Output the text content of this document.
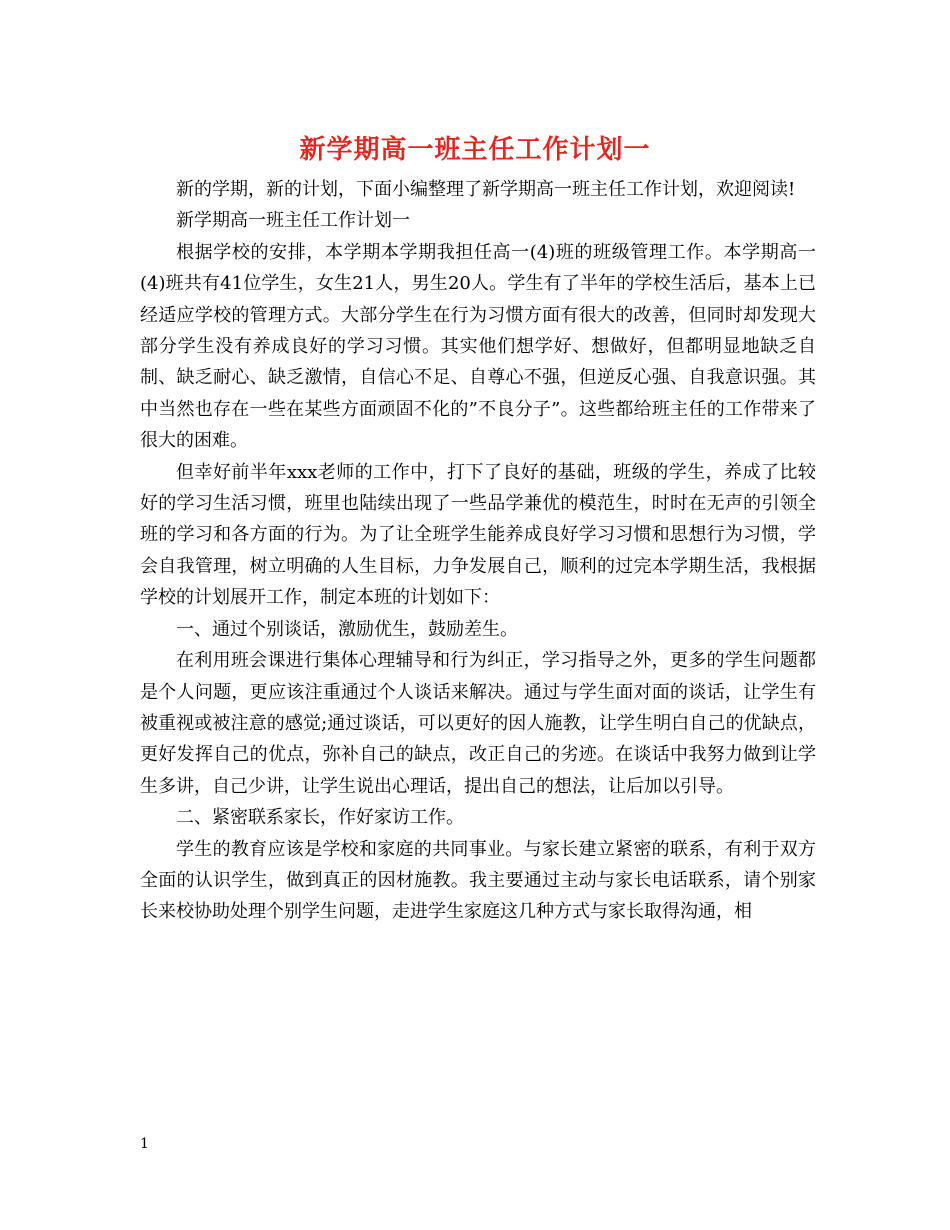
新学期高一班主任工作计划一

新的学期，新的计划，下面小编整理了新学期高一班主任工作计划，欢迎阅读!

新学期高一班主任工作计划一

根据学校的安排，本学期本学期我担任高一(4)班的班级管理工作。本学期高一(4)班共有41位学生，女生21人，男生20人。学生有了半年的学校生活后，基本上已经适应学校的管理方式。大部分学生在行为习惯方面有很大的改善，但同时却发现大部分学生没有养成良好的学习习惯。其实他们想学好、想做好，但都明显地缺乏自制、缺乏耐心、缺乏激情，自信心不足、自尊心不强，但逆反心强、自我意识强。其中当然也存在一些在某些方面顽固不化的”不良分子”。这些都给班主任的工作带来了很大的困难。

但幸好前半年xxx老师的工作中，打下了良好的基础，班级的学生，养成了比较好的学习生活习惯，班里也陆续出现了一些品学兼优的模范生，时时在无声的引领全班的学习和各方面的行为。为了让全班学生能养成良好学习习惯和思想行为习惯，学会自我管理，树立明确的人生目标，力争发展自己，顺利的过完本学期生活，我根据学校的计划展开工作，制定本班的计划如下：

一、通过个别谈话，激励优生，鼓励差生。

在利用班会课进行集体心理辅导和行为纠正，学习指导之外，更多的学生问题都是个人问题，更应该注重通过个人谈话来解决。通过与学生面对面的谈话，让学生有被重视或被注意的感觉;通过谈话，可以更好的因人施教，让学生明白自己的优缺点，更好发挥自己的优点，弥补自己的缺点，改正自己的劣迹。在谈话中我努力做到让学生多讲，自己少讲，让学生说出心理话，提出自己的想法，让后加以引导。

二、紧密联系家长，作好家访工作。

学生的教育应该是学校和家庭的共同事业。与家长建立紧密的联系，有利于双方全面的认识学生，做到真正的因材施教。我主要通过主动与家长电话联系，请个别家长来校协助处理个别学生问题，走进学生家庭这几种方式与家长取得沟通，相

1
